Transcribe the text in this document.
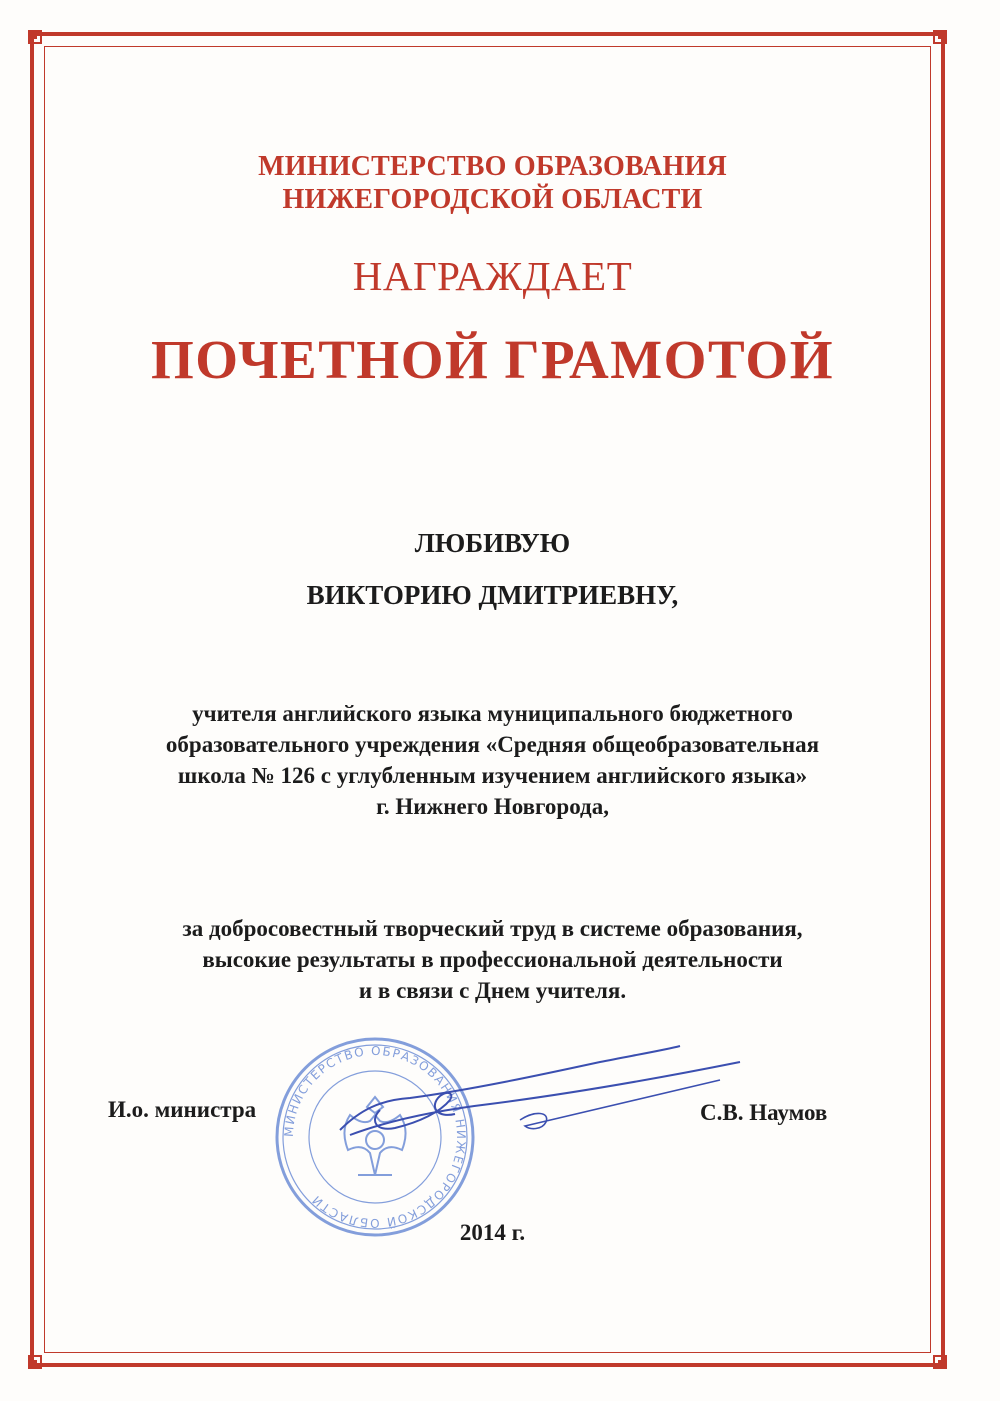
МИНИСТЕРСТВО ОБРАЗОВАНИЯ
НИЖЕГОРОДСКОЙ ОБЛАСТИ
НАГРАЖДАЕТ
ПОЧЕТНОЙ ГРАМОТОЙ
ЛЮБИВУЮ
ВИКТОРИЮ ДМИТРИЕВНУ,
учителя английского языка муниципального бюджетного
образовательного учреждения «Средняя общеобразовательная
школа № 126 с углубленным изучением английского языка»
г. Нижнего Новгорода,
за добросовестный творческий труд в системе образования,
высокие результаты в профессиональной деятельности
и в связи с Днем учителя.
МИНИСТЕРСТВО ОБРАЗОВАНИЯ НИЖЕГОРОДСКОЙ ОБЛАСТИ
И.о. министра	С.В. Наумов
2014 г.
